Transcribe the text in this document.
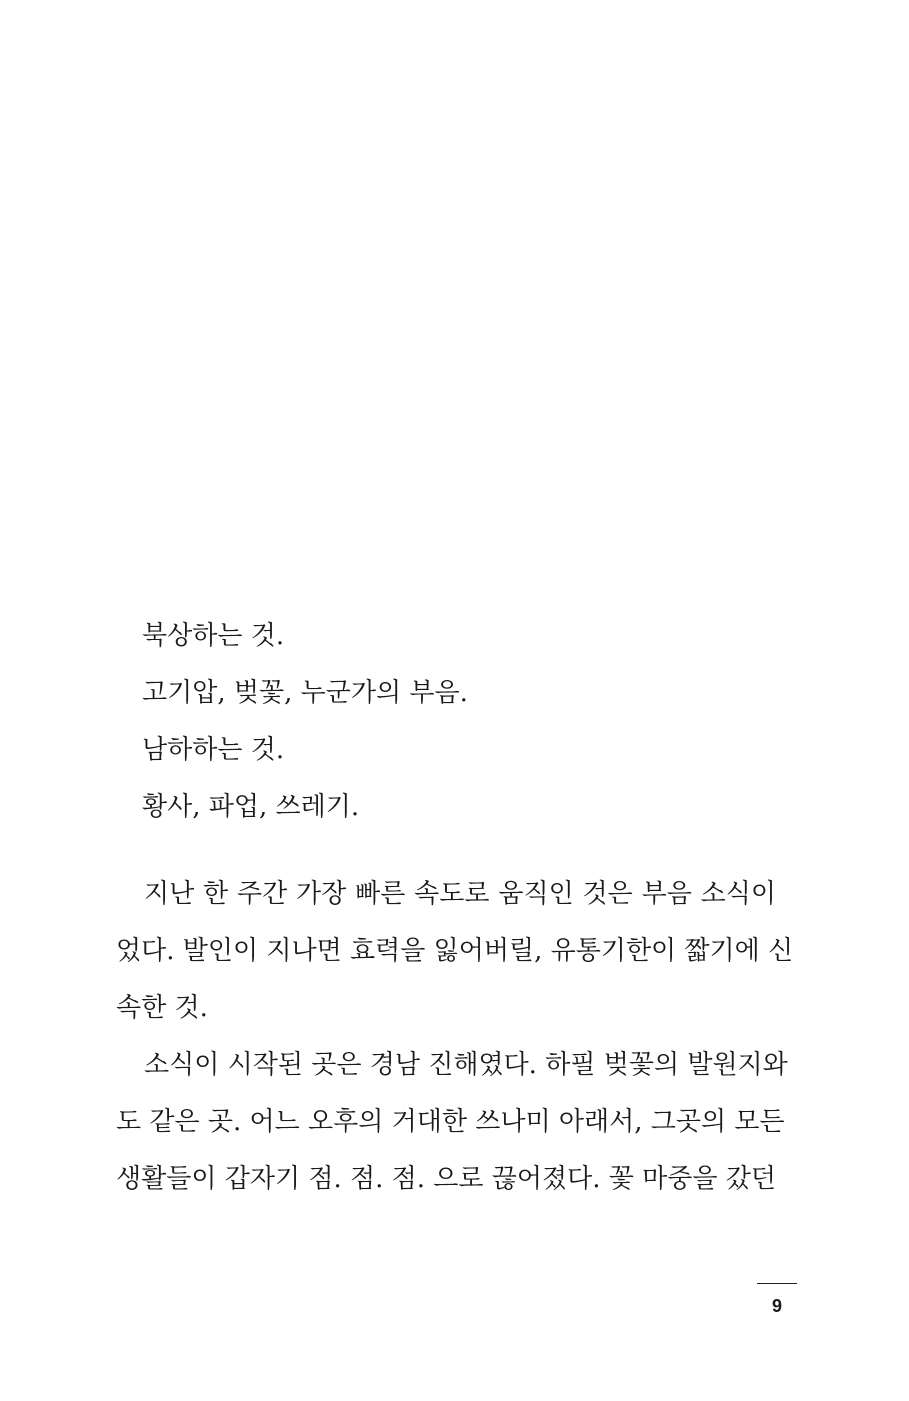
북상하는 것.
고기압, 벚꽃, 누군가의 부음.
남하하는 것.
황사, 파업, 쓰레기.
지난 한 주간 가장 빠른 속도로 움직인 것은 부음 소식이
었다. 발인이 지나면 효력을 잃어버릴, 유통기한이 짧기에 신
속한 것.
소식이 시작된 곳은 경남 진해였다. 하필 벚꽃의 발원지와
도 같은 곳. 어느 오후의 거대한 쓰나미 아래서, 그곳의 모든
생활들이 갑자기 점. 점. 점. 으로 끊어졌다. 꽃 마중을 갔던
9
